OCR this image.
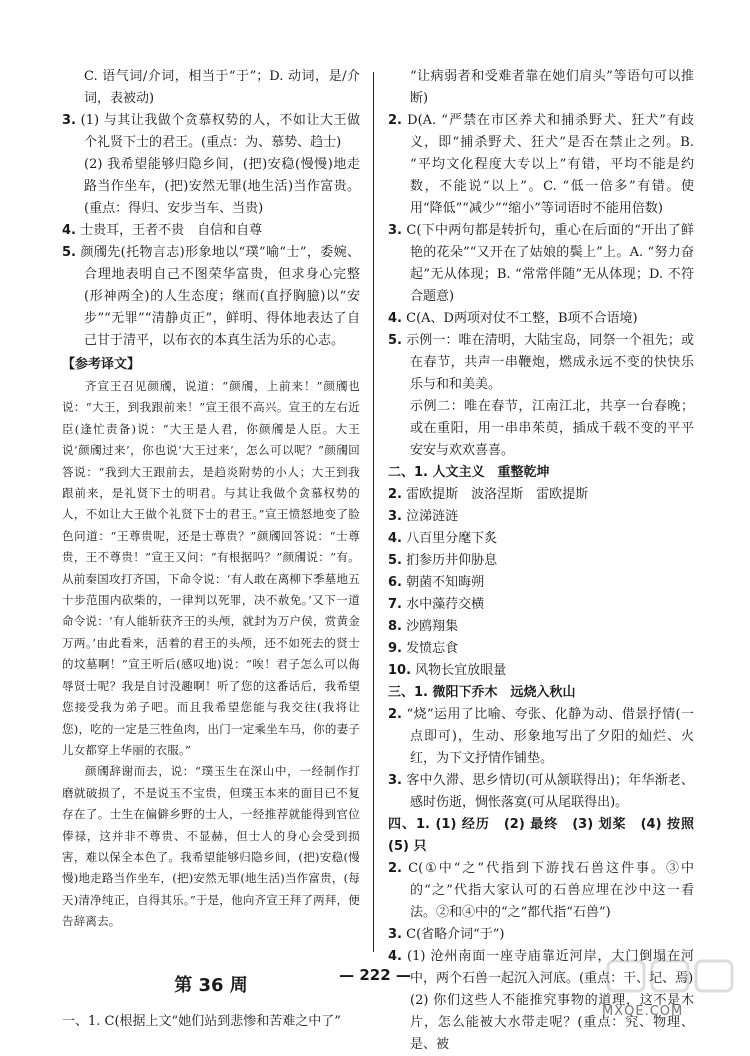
C. 语气词/介词，相当于“于”；D. 动词，是/介词，表被动)

3. (1) 与其让我做个贪慕权势的人，不如让大王做个礼贤下士的君王。(重点：为、慕势、趋士)

(2) 我希望能够归隐乡间，(把)安稳(慢慢)地走路当作坐车，(把)安然无罪(地生活)当作富贵。(重点：得归、安步当车、当贵)

4. 士贵耳，王者不贵　自信和自尊

5. 颜斶先(托物言志)形象地以“璞”喻“士”，委婉、合理地表明自己不图荣华富贵，但求身心完整(形神两全)的人生态度；继而(直抒胸臆)以“安步”“无罪”“清静贞正”，鲜明、得体地表达了自己甘于清平，以布衣的本真生活为乐的心志。

【参考译文】

齐宣王召见颜斶，说道：“颜斶，上前来！”颜斶也说：“大王，到我跟前来！”宣王很不高兴。宣王的左右近臣(逢忙责备)说：“大王是人君，你颜斶是人臣。大王说‘颜斶过来’，你也说‘大王过来’，怎么可以呢？”颜斶回答说：“我到大王跟前去，是趋炎附势的小人；大王到我跟前来，是礼贤下士的明君。与其让我做个贪慕权势的人，不如让大王做个礼贤下士的君王。”宣王愤怒地变了脸色问道：“王尊贵呢，还是士尊贵？”颜斶回答说：“士尊贵，王不尊贵！”宣王又问：“有根据吗？”颜斶说：“有。从前秦国攻打齐国，下命令说：‘有人敢在离柳下季墓地五十步范围内砍柴的，一律判以死罪，决不赦免。’又下一道命令说：‘有人能斩获齐王的头颅，就封为万户侯，赏黄金万两。’由此看来，活着的君王的头颅，还不如死去的贤士的坟墓啊！”宣王听后(感叹地)说：“唉！君子怎么可以侮辱贤士呢？我是自讨没趣啊！听了您的这番话后，我希望您接受我为弟子吧。而且我希望您能与我交往(我将让您)，吃的一定是三牲鱼肉，出门一定乘坐车马，你的妻子儿女都穿上华丽的衣服。”

颜斶辞谢而去，说：“璞玉生在深山中，一经制作打磨就破损了，不是说玉不宝贵，但璞玉本来的面目已不复存在了。士生在偏僻乡野的士人，一经推荐就能得到官位俸禄，这并非不尊贵、不显赫，但士人的身心会受到损害，难以保全本色了。我希望能够归隐乡间，(把)安稳(慢慢)地走路当作坐车，(把)安然无罪(地生活)当作富贵，(每天)清净纯正，自得其乐。”于是，他向齐宣王拜了两拜，便告辞离去。

第 36 周

一、1. C(根据上文“她们站到悲惨和苦难之中了”

“让病弱者和受难者靠在她们肩头”等语句可以推断)

2. D(A. “严禁在市区养犬和捕杀野犬、狂犬”有歧义，即“捕杀野犬、狂犬”是否在禁止之列。B. “平均文化程度大专以上”有错，平均不能是约数，不能说“以上”。C. “低一倍多”有错。使用“降低”“减少”“缩小”等词语时不能用倍数)

3. C(下中两句都是转折句，重心在后面的“开出了鲜艳的花朵”“又开在了姑娘的鬓上”上。A. “努力奋起”无从体现；B. “常常伴随”无从体现；D. 不符合题意)

4. C(A、D两项对仗不工整，B项不合语境)

5. 示例一：唯在清明，大陆宝岛，同祭一个祖先；或在春节，共声一串鞭炮，燃成永远不变的快快乐乐与和和美美。

示例二：唯在春节，江南江北，共享一台春晚；或在重阳，用一串串茱萸，插成千载不变的平平安安与欢欢喜喜。

二、1. 人文主义　重整乾坤

2. 雷欧提斯　波洛涅斯　雷欧提斯

3. 泣涕涟涟

4. 八百里分麾下炙

5. 扪参历井仰胁息

6. 朝菌不知晦朔

7. 水中藻荇交横

8. 沙鸥翔集

9. 发愤忘食

10. 风物长宜放眼量

三、1. 微阳下乔木　远烧入秋山

2. “烧”运用了比喻、夸张、化静为动、借景抒情(一点即可)，生动、形象地写出了夕阳的灿烂、火红，为下文抒情作铺垫。

3. 客中久滞、思乡情切(可从颔联得出)；年华渐老、感时伤逝，惆怅落寞(可从尾联得出)。

四、1. (1) 经历　(2) 最终　(3) 划桨　(4) 按照　(5) 只

2. C(①中“之”代指到下游找石兽这件事。③中的“之”代指大家认可的石兽应埋在沙中这一看法。②和④中的“之”都代指“石兽”)

3. C(省略介词“于”)

4. (1) 沧州南面一座寺庙靠近河岸，大门倒塌在河中，两个石兽一起沉入河底。(重点：干、圮、焉)

(2) 你们这些人不能推究事物的道理，这不是木片，怎么能被大水带走呢？(重点：究、物理、是、被

— 222 —
MXQE.COM
